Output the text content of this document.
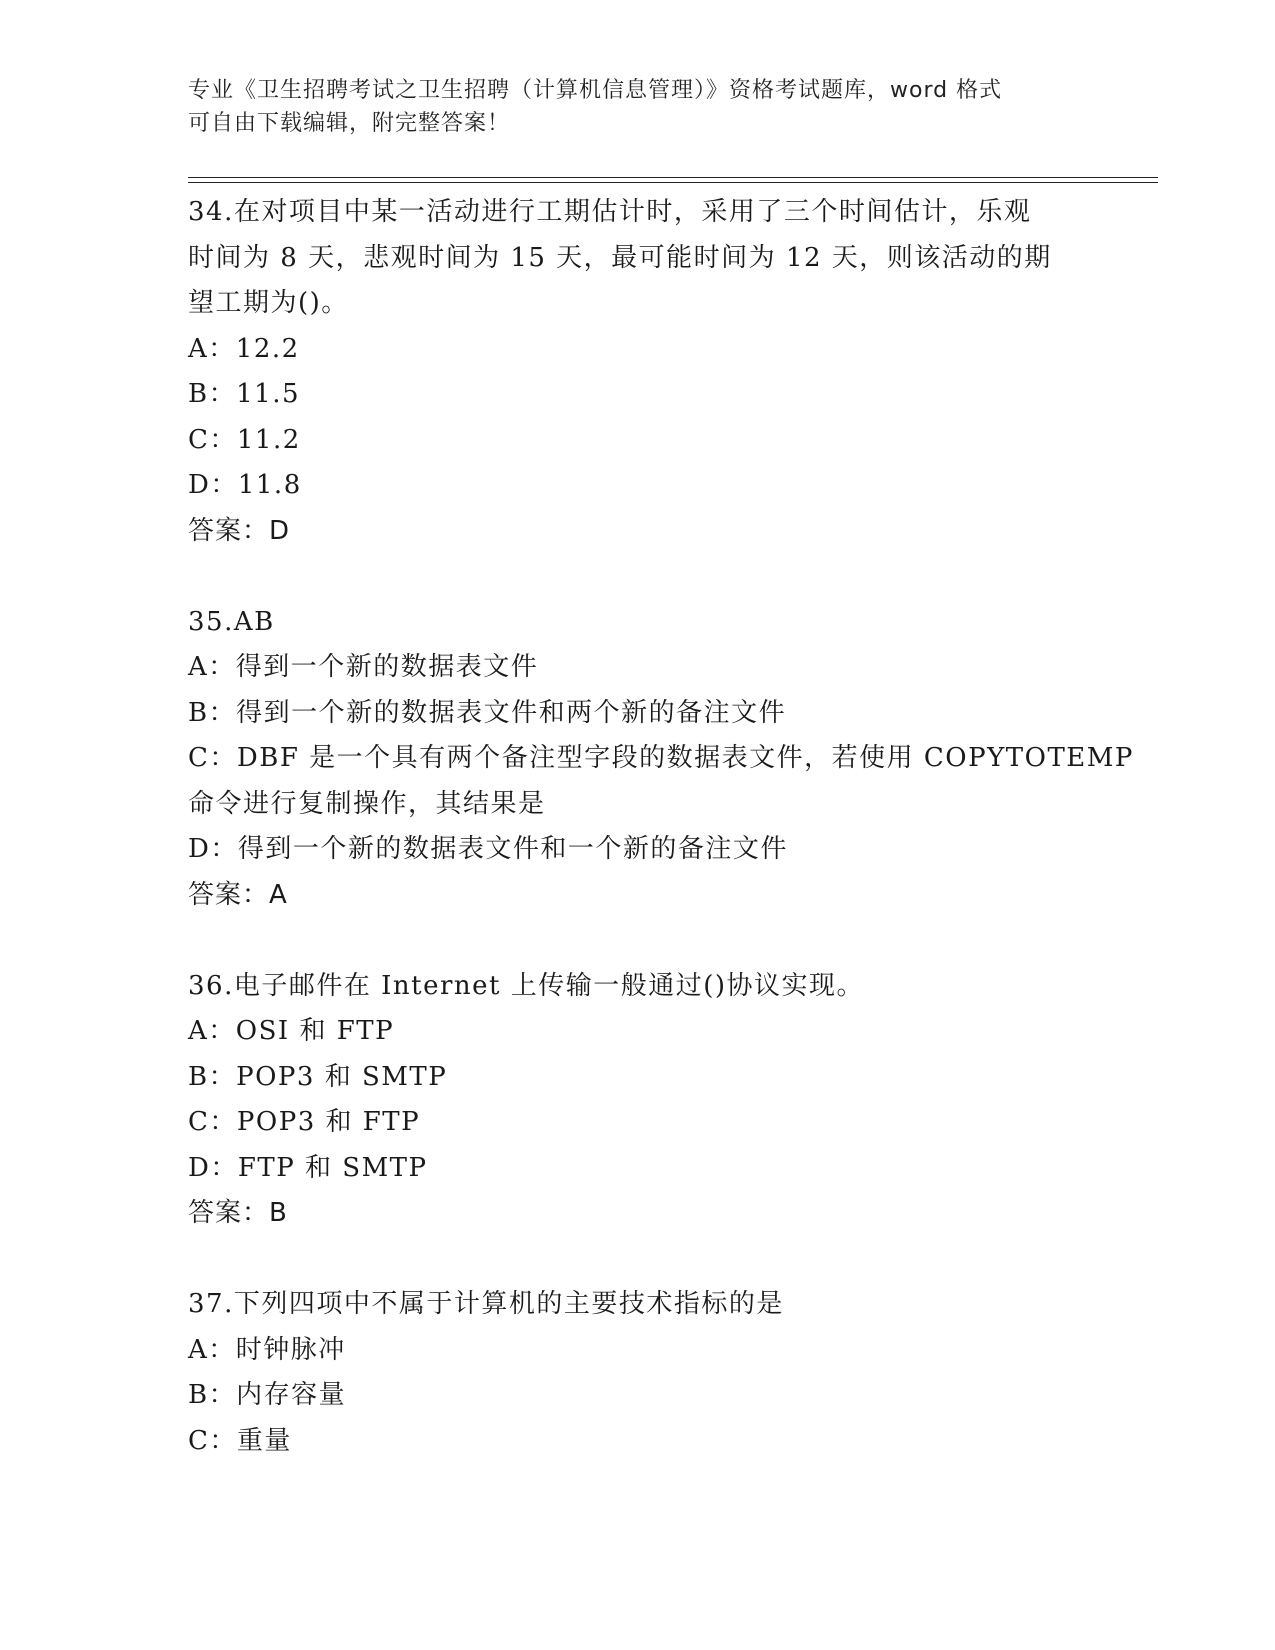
专业《卫生招聘考试之卫生招聘（计算机信息管理）》资格考试题库，word 格式
可自由下载编辑，附完整答案！
34.在对项目中某一活动进行工期估计时，采用了三个时间估计，乐观
时间为 8 天，悲观时间为 15 天，最可能时间为 12 天，则该活动的期
望工期为()。
A：12.2
B：11.5
C：11.2
D：11.8
答案：D
35.AB
A：得到一个新的数据表文件
B：得到一个新的数据表文件和两个新的备注文件
C：DBF 是一个具有两个备注型字段的数据表文件，若使用 COPYTOTEMP
命令进行复制操作，其结果是
D：得到一个新的数据表文件和一个新的备注文件
答案：A
36.电子邮件在 Internet 上传输一般通过()协议实现。
A：OSI 和 FTP
B：POP3 和 SMTP
C：POP3 和 FTP
D：FTP 和 SMTP
答案：B
37.下列四项中不属于计算机的主要技术指标的是
A：时钟脉冲
B：内存容量
C：重量
